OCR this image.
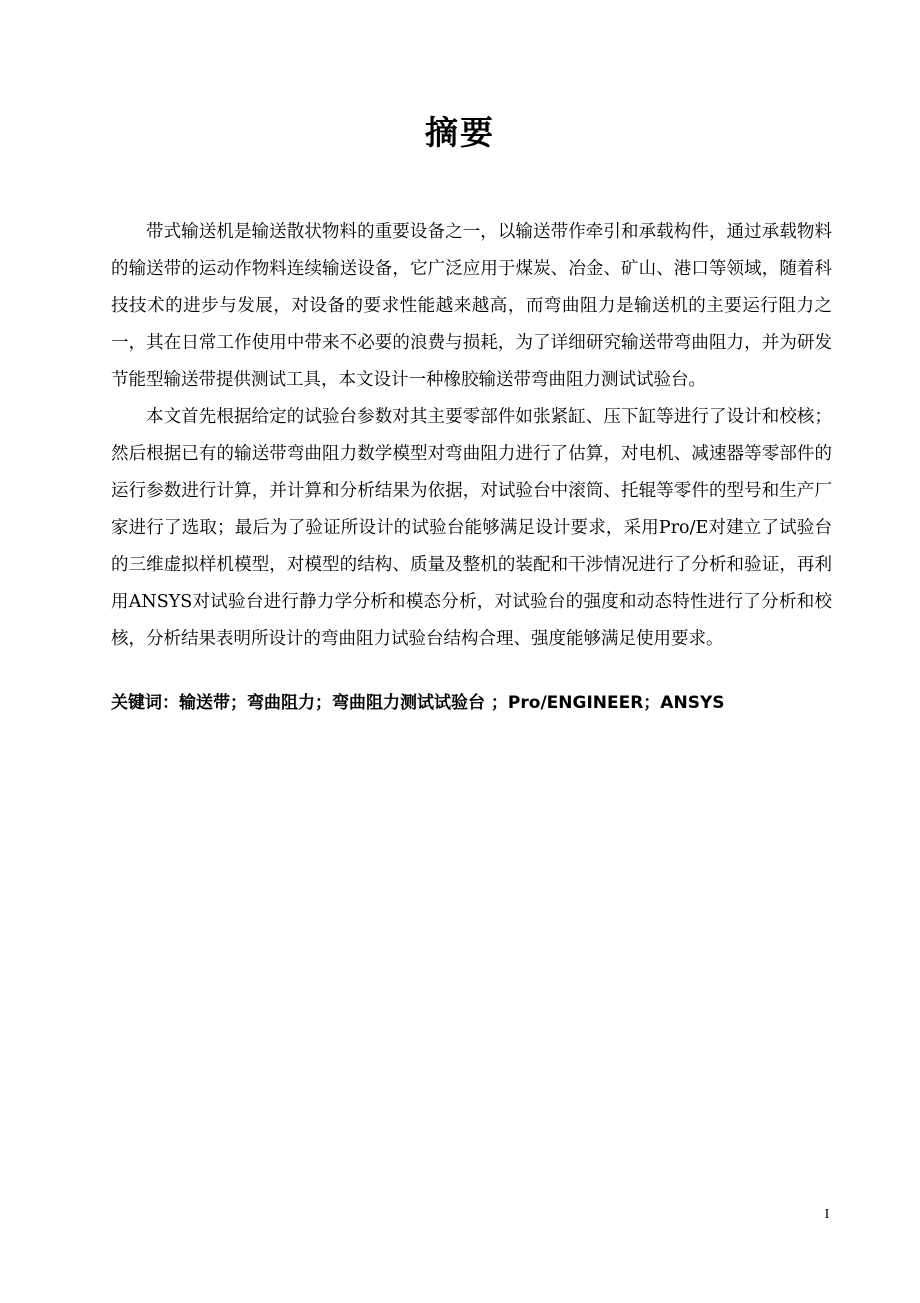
摘要

带式输送机是输送散状物料的重要设备之一，以输送带作牵引和承载构件，通过承载物料的输送带的运动作物料连续输送设备，它广泛应用于煤炭、冶金、矿山、港口等领域，随着科技技术的进步与发展，对设备的要求性能越来越高，而弯曲阻力是输送机的主要运行阻力之一，其在日常工作使用中带来不必要的浪费与损耗，为了详细研究输送带弯曲阻力，并为研发节能型输送带提供测试工具，本文设计一种橡胶输送带弯曲阻力测试试验台。

本文首先根据给定的试验台参数对其主要零部件如张紧缸、压下缸等进行了设计和校核；然后根据已有的输送带弯曲阻力数学模型对弯曲阻力进行了估算，对电机、减速器等零部件的运行参数进行计算，并计算和分析结果为依据，对试验台中滚筒、托辊等零件的型号和生产厂家进行了选取；最后为了验证所设计的试验台能够满足设计要求，采用Pro/E对建立了试验台的三维虚拟样机模型，对模型的结构、质量及整机的装配和干涉情况进行了分析和验证，再利用ANSYS对试验台进行静力学分析和模态分析，对试验台的强度和动态特性进行了分析和校核，分析结果表明所设计的弯曲阻力试验台结构合理、强度能够满足使用要求。

关键词：输送带；弯曲阻力；弯曲阻力测试试验台 ；Pro/ENGINEER；ANSYS

I
